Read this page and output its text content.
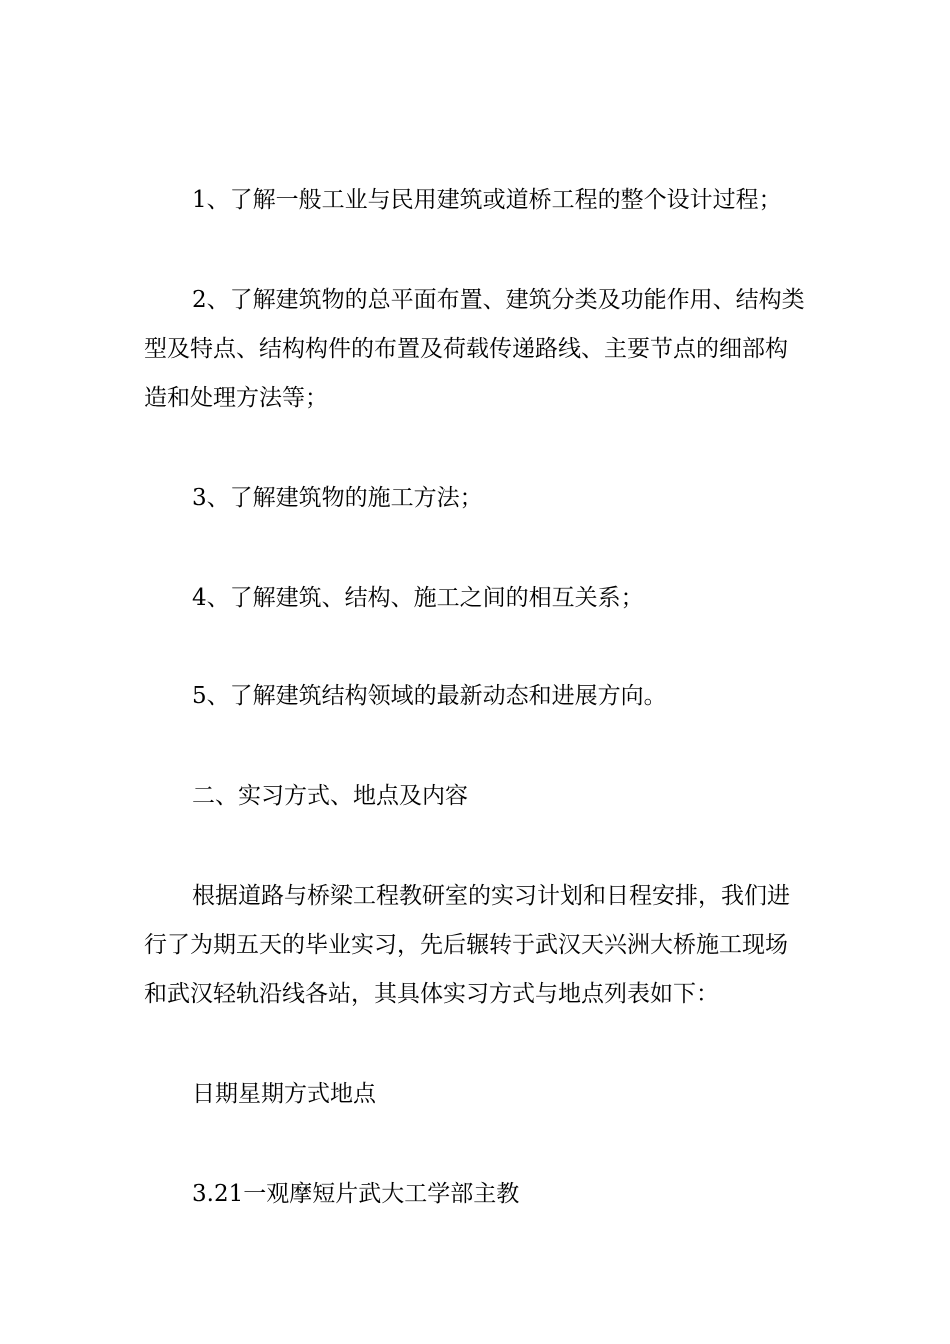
1、了解一般工业与民用建筑或道桥工程的整个设计过程；

2、了解建筑物的总平面布置、建筑分类及功能作用、结构类型及特点、结构构件的布置及荷载传递路线、主要节点的细部构造和处理方法等；

3、了解建筑物的施工方法；

4、了解建筑、结构、施工之间的相互关系；

5、了解建筑结构领域的最新动态和进展方向。

二、实习方式、地点及内容

根据道路与桥梁工程教研室的实习计划和日程安排，我们进行了为期五天的毕业实习，先后辗转于武汉天兴洲大桥施工现场和武汉轻轨沿线各站，其具体实习方式与地点列表如下：

日期星期方式地点

3.21一观摩短片武大工学部主教
